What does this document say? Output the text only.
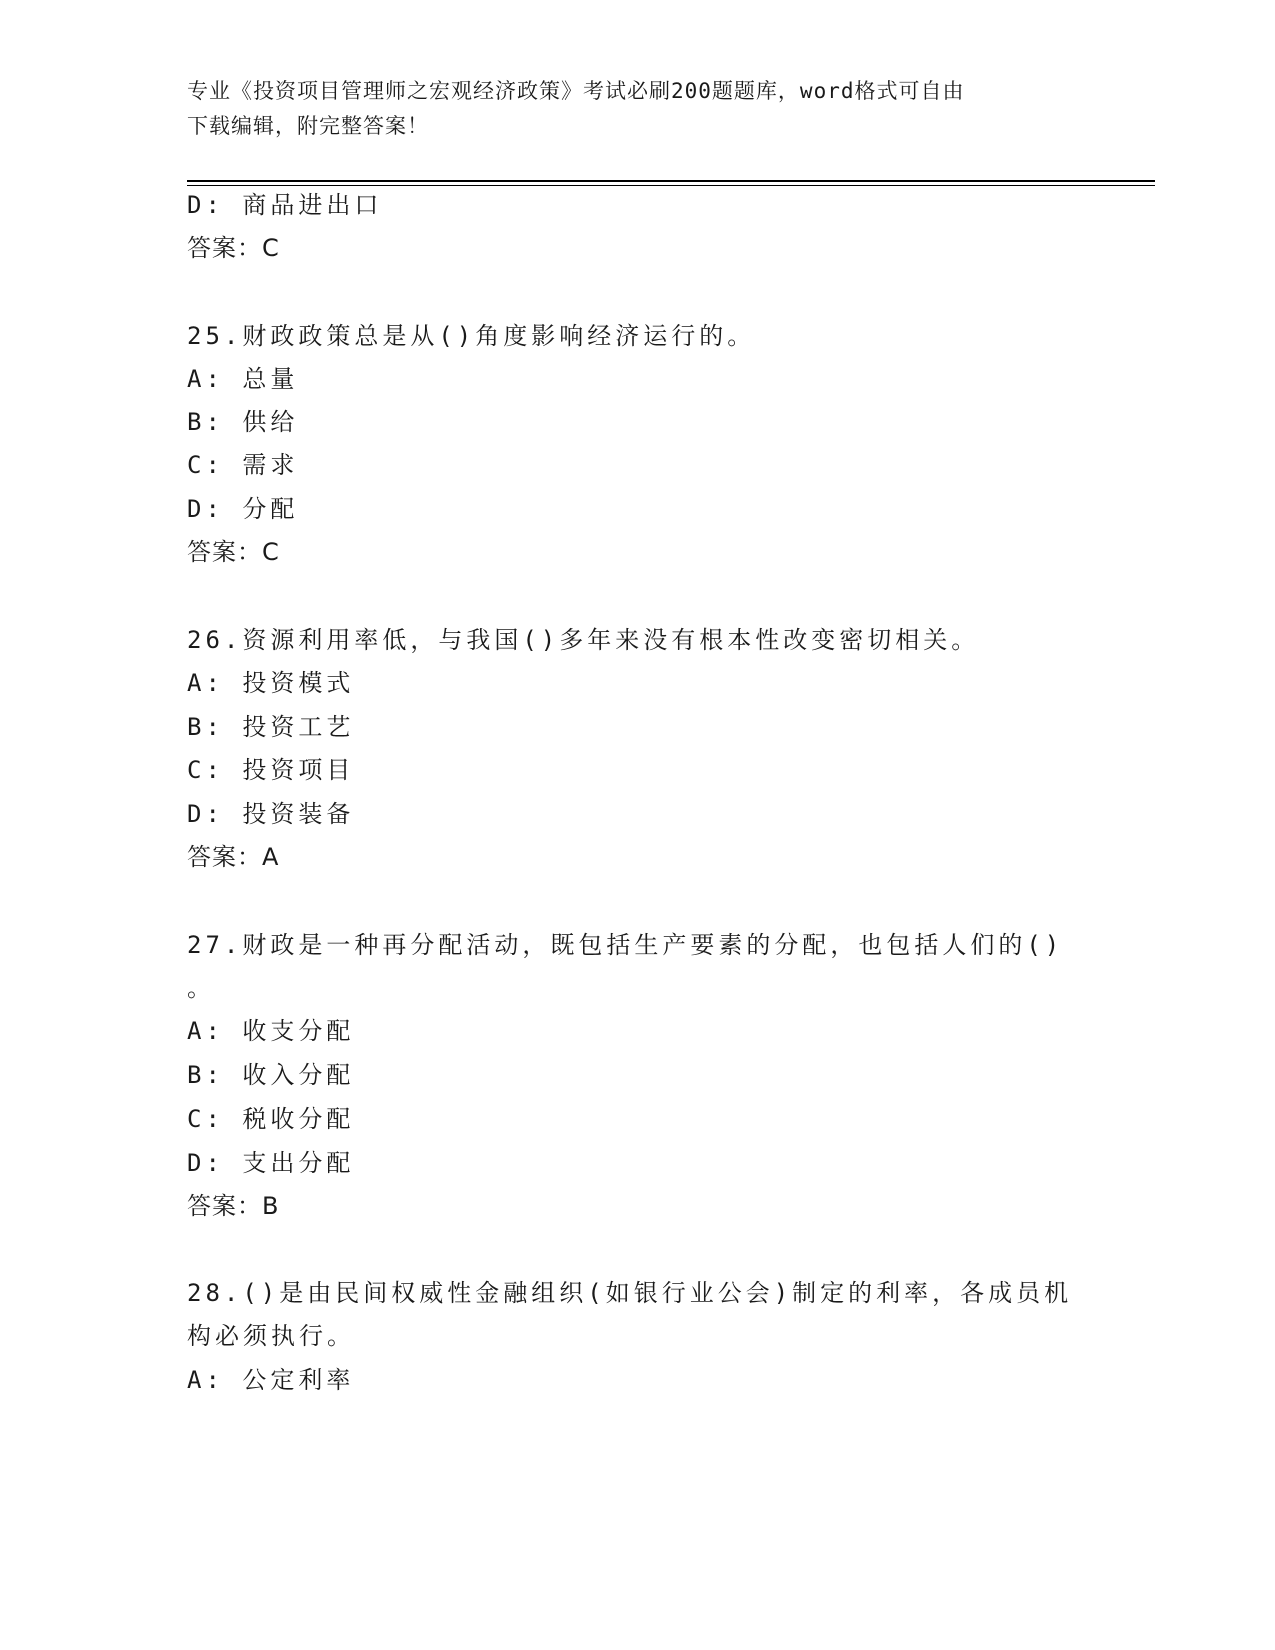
专业《投资项目管理师之宏观经济政策》考试必刷200题题库，word格式可自由
下载编辑，附完整答案！
D: 商品进出口
答案：C
25.财政政策总是从()角度影响经济运行的。
A: 总量
B: 供给
C: 需求
D: 分配
答案：C
26.资源利用率低，与我国()多年来没有根本性改变密切相关。
A: 投资模式
B: 投资工艺
C: 投资项目
D: 投资装备
答案：A
27.财政是一种再分配活动，既包括生产要素的分配，也包括人们的()
。
A: 收支分配
B: 收入分配
C: 税收分配
D: 支出分配
答案：B
28.()是由民间权威性金融组织(如银行业公会)制定的利率，各成员机
构必须执行。
A: 公定利率
